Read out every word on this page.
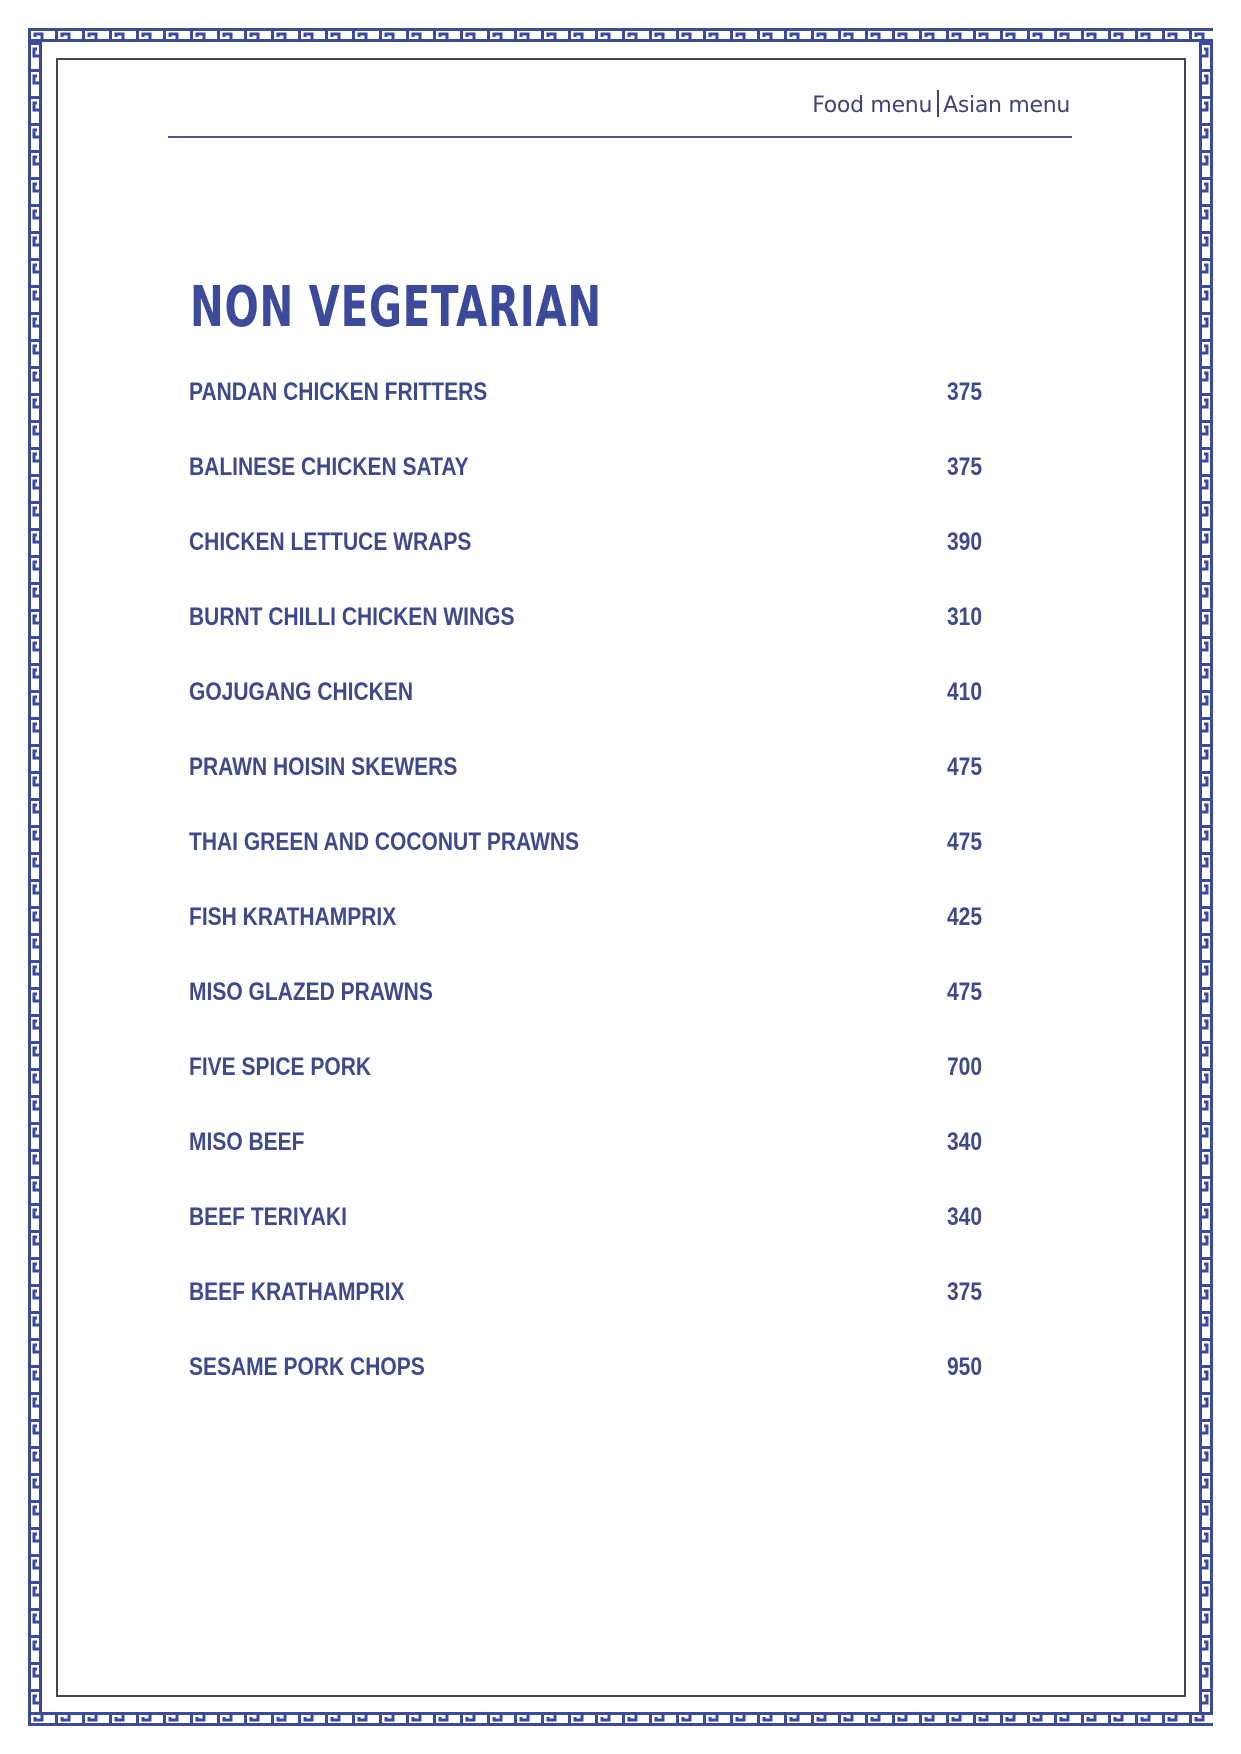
Food menu Asian menu
NON VEGETARIAN
PANDAN CHICKEN FRITTERS	375
BALINESE CHICKEN SATAY	375
CHICKEN LETTUCE WRAPS	390
BURNT CHILLI CHICKEN WINGS	310
GOJUGANG CHICKEN	410
PRAWN HOISIN SKEWERS	475
THAI GREEN AND COCONUT PRAWNS	475
FISH KRATHAMPRIX	425
MISO GLAZED PRAWNS	475
FIVE SPICE PORK	700
MISO BEEF	340
BEEF TERIYAKI	340
BEEF KRATHAMPRIX	375
SESAME PORK CHOPS	950
